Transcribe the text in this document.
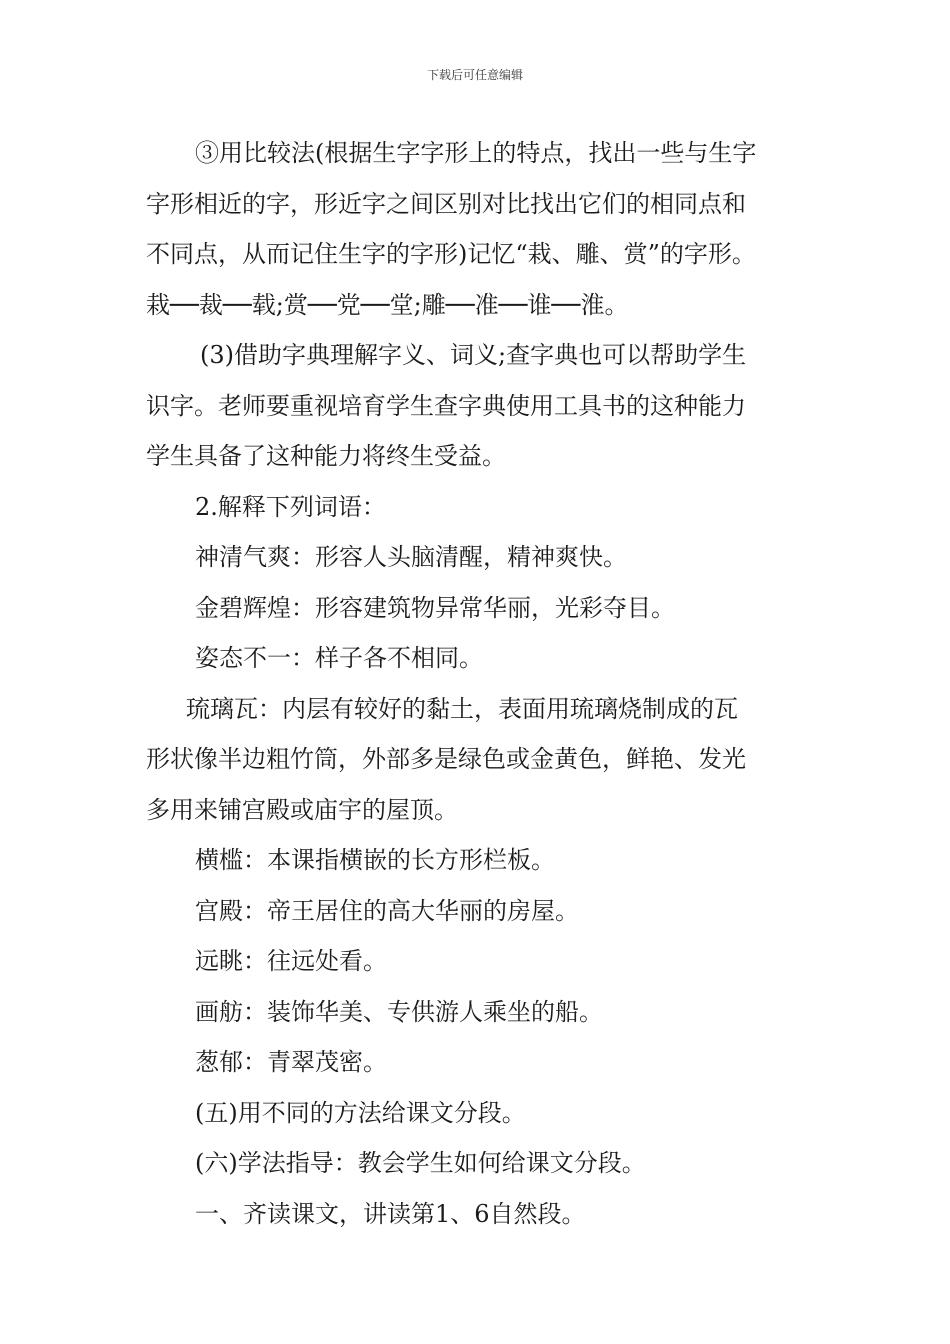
下载后可任意编辑
③用比较法(根据生字字形上的特点，找出一些与生字
字形相近的字，形近字之间区别对比找出它们的相同点和
不同点，从而记住生字的字形)记忆“栽、雕、赏”的字形。
栽──裁──载;赏──党──堂;雕──准──谁──淮。
(3)借助字典理解字义、词义;查字典也可以帮助学生
识字。老师要重视培育学生查字典使用工具书的这种能力
学生具备了这种能力将终生受益。
2.解释下列词语：
神清气爽：形容人头脑清醒，精神爽快。
金碧辉煌：形容建筑物异常华丽，光彩夺目。
姿态不一：样子各不相同。
琉璃瓦：内层有较好的黏土，表面用琉璃烧制成的瓦
形状像半边粗竹筒，外部多是绿色或金黄色，鲜艳、发光
多用来铺宫殿或庙宇的屋顶。
横槛：本课指横嵌的长方形栏板。
宫殿：帝王居住的高大华丽的房屋。
远眺：往远处看。
画舫：装饰华美、专供游人乘坐的船。
葱郁：青翠茂密。
(五)用不同的方法给课文分段。
(六)学法指导：教会学生如何给课文分段。
一、齐读课文，讲读第1、6自然段。
